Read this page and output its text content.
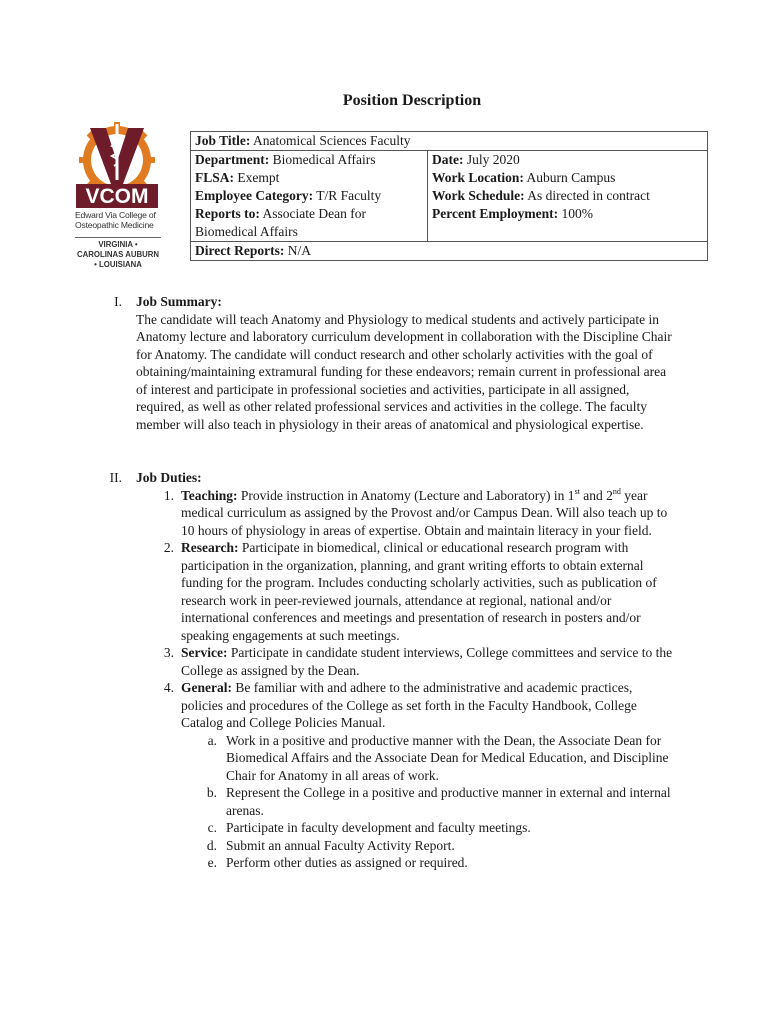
Position Description
VCOM
Edward Via College of Osteopathic Medicine
VIRGINIA • CAROLINAS AUBURN • LOUISIANA
Job Title: Anatomical Sciences Faculty

Department: Biomedical Affairs
FLSA: Exempt
Employee Category: T/R Faculty
Reports to: Associate Dean for Biomedical Affairs

Date: July 2020
Work Location: Auburn Campus
Work Schedule: As directed in contract
Percent Employment: 100%

Direct Reports: N/A
I. Job Summary:
The candidate will teach Anatomy and Physiology to medical students and actively participate in Anatomy lecture and laboratory curriculum development in collaboration with the Discipline Chair for Anatomy. The candidate will conduct research and other scholarly activities with the goal of obtaining/maintaining extramural funding for these endeavors; remain current in professional area of interest and participate in professional societies and activities, participate in all assigned, required, as well as other related professional services and activities in the college. The faculty member will also teach in physiology in their areas of anatomical and physiological expertise.
II. Job Duties:
1. Teaching: Provide instruction in Anatomy (Lecture and Laboratory) in 1st and 2nd year medical curriculum as assigned by the Provost and/or Campus Dean. Will also teach up to 10 hours of physiology in areas of expertise. Obtain and maintain literacy in your field.
2. Research: Participate in biomedical, clinical or educational research program with participation in the organization, planning, and grant writing efforts to obtain external funding for the program. Includes conducting scholarly activities, such as publication of research work in peer-reviewed journals, attendance at regional, national and/or international conferences and meetings and presentation of research in posters and/or speaking engagements at such meetings.
3. Service: Participate in candidate student interviews, College committees and service to the College as assigned by the Dean.
4. General: Be familiar with and adhere to the administrative and academic practices, policies and procedures of the College as set forth in the Faculty Handbook, College Catalog and College Policies Manual.
a. Work in a positive and productive manner with the Dean, the Associate Dean for Biomedical Affairs and the Associate Dean for Medical Education, and Discipline Chair for Anatomy in all areas of work.
b. Represent the College in a positive and productive manner in external and internal arenas.
c. Participate in faculty development and faculty meetings.
d. Submit an annual Faculty Activity Report.
e. Perform other duties as assigned or required.
